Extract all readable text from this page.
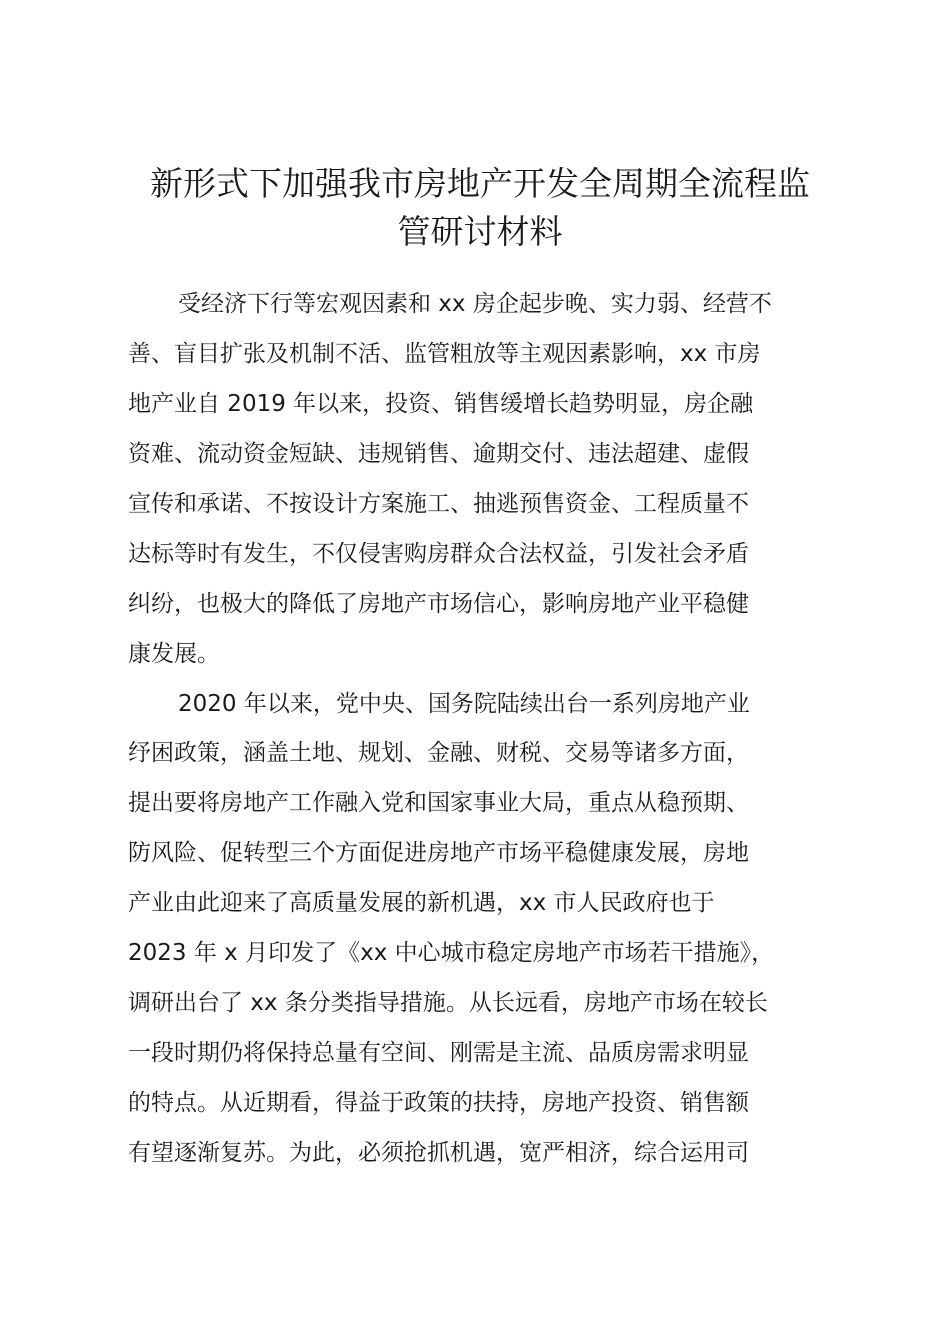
新形式下加强我市房地产开发全周期全流程监
管研讨材料

受经济下行等宏观因素和 xx 房企起步晚、实力弱、经营不
善、盲目扩张及机制不活、监管粗放等主观因素影响，xx 市房
地产业自 2019 年以来，投资、销售缓增长趋势明显，房企融
资难、流动资金短缺、违规销售、逾期交付、违法超建、虚假
宣传和承诺、不按设计方案施工、抽逃预售资金、工程质量不
达标等时有发生，不仅侵害购房群众合法权益，引发社会矛盾
纠纷，也极大的降低了房地产市场信心，影响房地产业平稳健
康发展。

2020 年以来，党中央、国务院陆续出台一系列房地产业
纾困政策，涵盖土地、规划、金融、财税、交易等诸多方面，
提出要将房地产工作融入党和国家事业大局，重点从稳预期、
防风险、促转型三个方面促进房地产市场平稳健康发展，房地
产业由此迎来了高质量发展的新机遇，xx 市人民政府也于
2023 年 x 月印发了《xx 中心城市稳定房地产市场若干措施》，
调研出台了 xx 条分类指导措施。从长远看，房地产市场在较长
一段时期仍将保持总量有空间、刚需是主流、品质房需求明显
的特点。从近期看，得益于政策的扶持，房地产投资、销售额
有望逐渐复苏。为此，必须抢抓机遇，宽严相济，综合运用司
